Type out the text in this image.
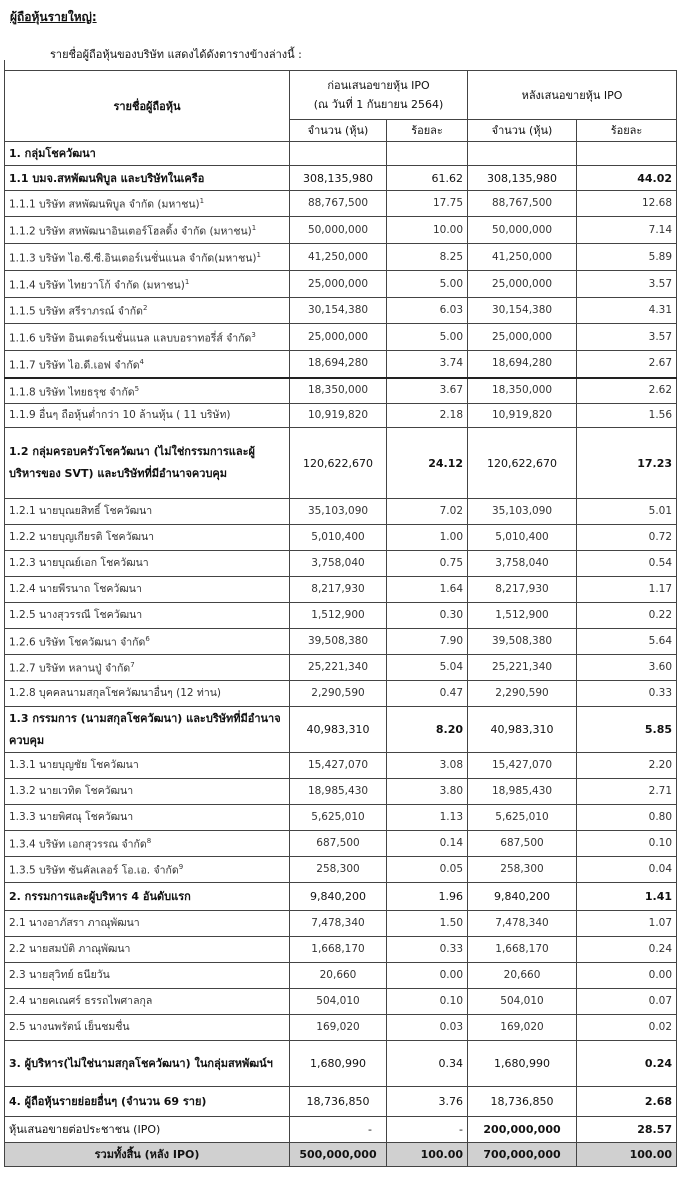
ผู้ถือหุ้นรายใหญ่:
รายชื่อผู้ถือหุ้นของบริษัท แสดงได้ดังตารางข้างล่างนี้ :
รายชื่อผู้ถือหุ้น	ก่อนเสนอขายหุ้น IPO
(ณ วันที่ 1 กันยายน 2564)		หลังเสนอขายหุ้น IPO	
	จำนวน (หุ้น)	ร้อยละ	จำนวน (หุ้น)	ร้อยละ
1. กลุ่มโชควัฒนา				
1.1 บมจ.สหพัฒนพิบูล และบริษัทในเครือ	308,135,980	61.62	308,135,980	44.02
1.1.1 บริษัท สหพัฒนพิบูล จำกัด (มหาชน)$^1$	88,767,500	17.75	88,767,500	12.68
1.1.2 บริษัท สหพัฒนาอินเตอร์โฮลดิ้ง จำกัด (มหาชน)$^1$	50,000,000	10.00	50,000,000	7.14
1.1.3 บริษัท ไอ.ซี.ซี.อินเตอร์เนชั่นแนล จำกัด(มหาชน)$^1$	41,250,000	8.25	41,250,000	5.89
1.1.4 บริษัท ไทยวาโก้ จำกัด (มหาชน)$^1$	25,000,000	5.00	25,000,000	3.57
1.1.5 บริษัท สรีราภรณ์ จำกัด$^2$	30,154,380	6.03	30,154,380	4.31
1.1.6 บริษัท อินเตอร์เนชั่นแนล แลบบอราทอรี่ส์ จำกัด$^3$	25,000,000	5.00	25,000,000	3.57
1.1.7 บริษัท ไอ.ดี.เอฟ จำกัด$^4$	18,694,280	3.74	18,694,280	2.67
1.1.8 บริษัท ไทยธรุช จำกัด$^5$	18,350,000	3.67	18,350,000	2.62
1.1.9 อื่นๆ ถือหุ้นต่ำกว่า 10 ล้านหุ้น ( 11 บริษัท)	10,919,820	2.18	10,919,820	1.56
1.2 กลุ่มครอบครัวโชควัฒนา (ไม่ใช่กรรมการและผู้บริหารของ SVT) และบริษัทที่มีอำนาจควบคุม	120,622,670	24.12	120,622,670	17.23
1.2.1 นายบุณยสิทธิ์ โชควัฒนา	35,103,090	7.02	35,103,090	5.01
1.2.2 นายบุญเกียรติ โชควัฒนา	5,010,400	1.00	5,010,400	0.72
1.2.3 นายบุณย์เอก โชควัฒนา	3,758,040	0.75	3,758,040	0.54
1.2.4 นายพีรนาถ โชควัฒนา	8,217,930	1.64	8,217,930	1.17
1.2.5 นางสุวรรณี โชควัฒนา	1,512,900	0.30	1,512,900	0.22
1.2.6 บริษัท โชควัฒนา จำกัด$^6$	39,508,380	7.90	39,508,380	5.64
1.2.7 บริษัท หลานปู่ จำกัด$^7$	25,221,340	5.04	25,221,340	3.60
1.2.8 บุคคลนามสกุลโชควัฒนาอื่นๆ (12 ท่าน)	2,290,590	0.47	2,290,590	0.33
1.3 กรรมการ (นามสกุลโชควัฒนา) และบริษัทที่มีอำนาจควบคุม	40,983,310	8.20	40,983,310	5.85
1.3.1 นายบุญชัย โชควัฒนา	15,427,070	3.08	15,427,070	2.20
1.3.2 นายเวทิต โชควัฒนา	18,985,430	3.80	18,985,430	2.71
1.3.3 นายพิศณุ โชควัฒนา	5,625,010	1.13	5,625,010	0.80
1.3.4 บริษัท เอกสุวรรณ จำกัด$^8$	687,500	0.14	687,500	0.10
1.3.5 บริษัท ซันคัลเลอร์ โอ.เอ. จำกัด$^9$	258,300	0.05	258,300	0.04
2. กรรมการและผู้บริหาร 4 อันดับแรก	9,840,200	1.96	9,840,200	1.41
2.1 นางอาภัสรา ภาณุพัฒนา	7,478,340	1.50	7,478,340	1.07
2.2 นายสมบัติ ภาณุพัฒนา	1,668,170	0.33	1,668,170	0.24
2.3 นายสุวิทย์ ธนียวัน	20,660	0.00	20,660	0.00
2.4 นายคเณศร์ ธรรถไพศาลกุล	504,010	0.10	504,010	0.07
2.5 นางนพรัตน์ เย็นชมชื่น	169,020	0.03	169,020	0.02
3. ผู้บริหาร(ไม่ใช่นามสกุลโชควัฒนา) ในกลุ่มสหพัฒน์ฯ	1,680,990	0.34	1,680,990	0.24
4. ผู้ถือหุ้นรายย่อยอื่นๆ (จำนวน 69 ราย)	18,736,850	3.76	18,736,850	2.68
หุ้นเสนอขายต่อประชาชน (IPO)	-	-	200,000,000	28.57
รวมทั้งสิ้น (หลัง IPO)	500,000,000	100.00	700,000,000	100.00
